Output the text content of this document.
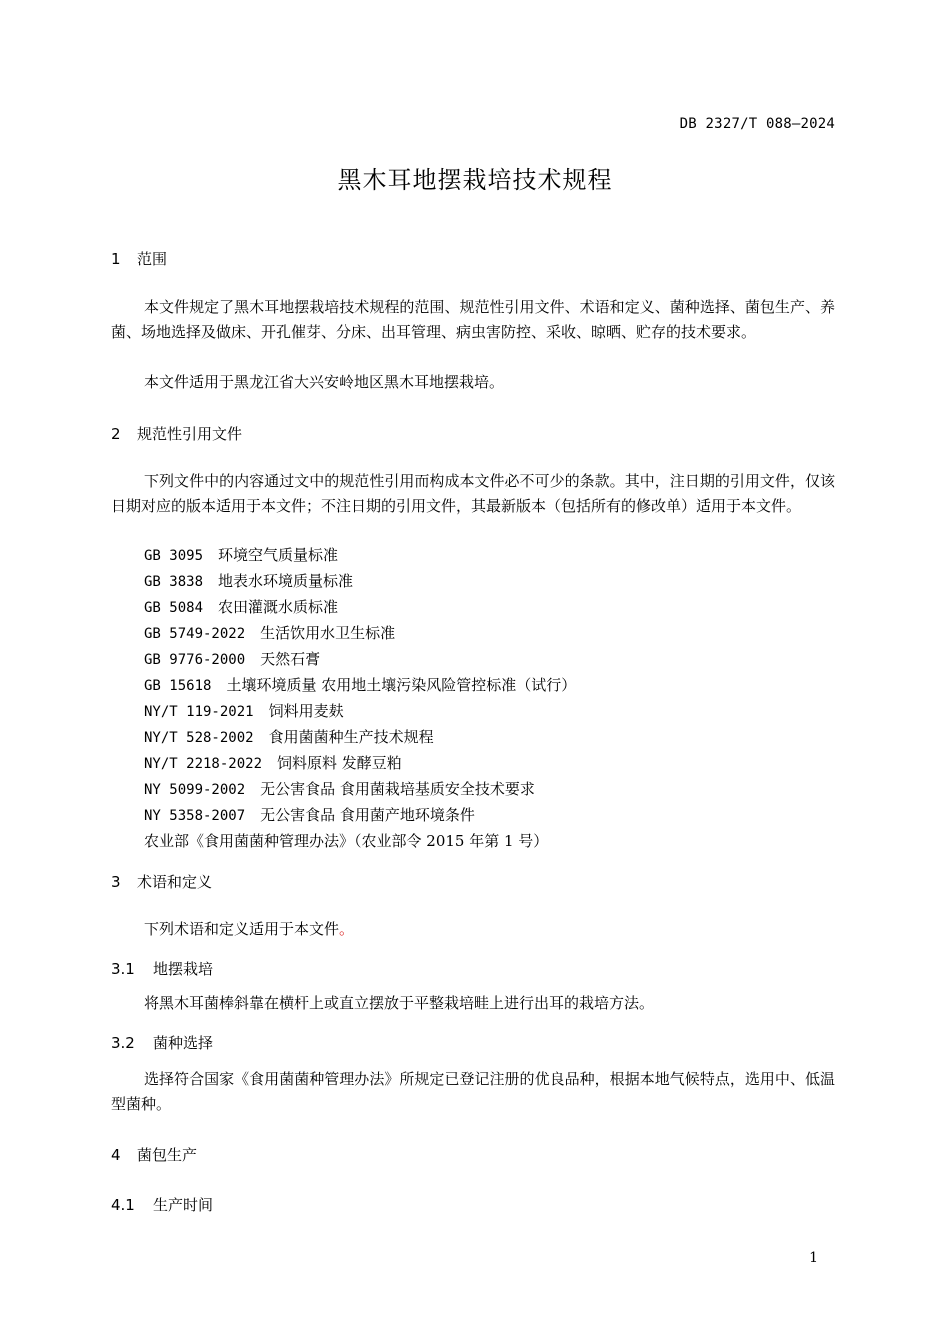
DB 2327/T 088—2024
黑木耳地摆栽培技术规程
1 范围
本文件规定了黑木耳地摆栽培技术规程的范围、规范性引用文件、术语和定义、菌种选择、菌包生产、养菌、场地选择及做床、开孔催芽、分床、出耳管理、病虫害防控、采收、晾晒、贮存的技术要求。
本文件适用于黑龙江省大兴安岭地区黑木耳地摆栽培。
2 规范性引用文件
下列文件中的内容通过文中的规范性引用而构成本文件必不可少的条款。其中，注日期的引用文件，仅该日期对应的版本适用于本文件；不注日期的引用文件，其最新版本（包括所有的修改单）适用于本文件。
GB 3095  环境空气质量标准
GB 3838  地表水环境质量标准
GB 5084  农田灌溉水质标准
GB 5749-2022  生活饮用水卫生标准
GB 9776-2000  天然石膏
GB 15618  土壤环境质量 农用地土壤污染风险管控标准（试行）
NY/T 119-2021  饲料用麦麸
NY/T 528-2002  食用菌菌种生产技术规程
NY/T 2218-2022  饲料原料 发酵豆粕
NY 5099-2002  无公害食品 食用菌栽培基质安全技术要求
NY 5358-2007  无公害食品 食用菌产地环境条件
农业部《食用菌菌种管理办法》（农业部令 2015 年第 1 号）
3 术语和定义
下列术语和定义适用于本文件。
3.1 地摆栽培
将黑木耳菌棒斜靠在横杆上或直立摆放于平整栽培畦上进行出耳的栽培方法。
3.2 菌种选择
选择符合国家《食用菌菌种管理办法》所规定已登记注册的优良品种，根据本地气候特点，选用中、低温型菌种。
4 菌包生产
4.1 生产时间
1
